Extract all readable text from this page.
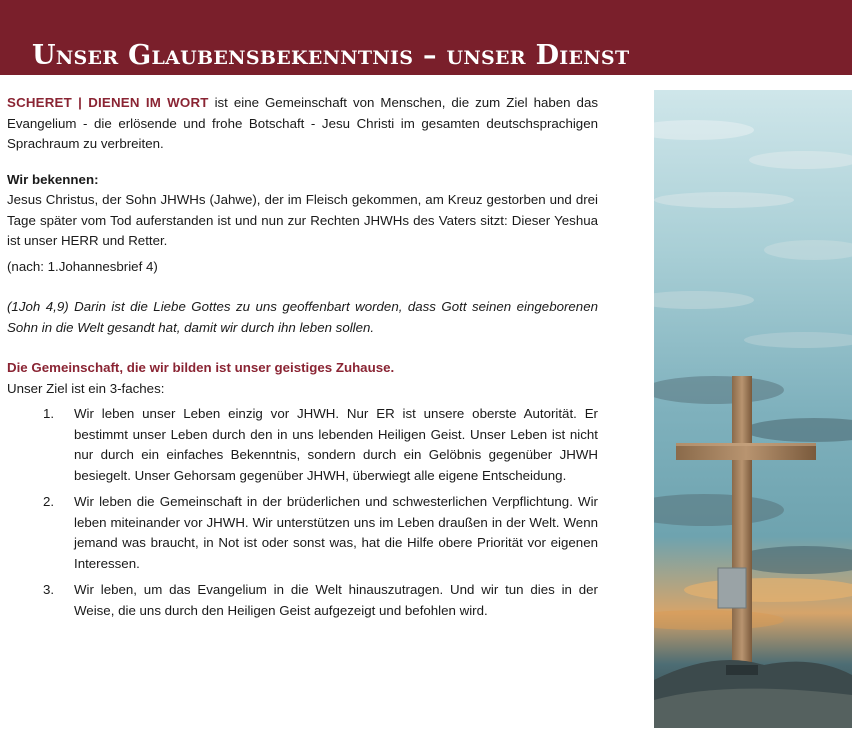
Unser Glaubensbekenntnis – unser Dienst

SCHERET | DIENEN IM WORT ist eine Gemeinschaft von Menschen, die zum Ziel haben das Evangelium - die erlösende und frohe Botschaft - Jesu Christi im gesamten deutschsprachigen Sprachraum zu verbreiten.

Wir bekennen:

Jesus Christus, der Sohn JHWHs (Jahwe), der im Fleisch gekommen, am Kreuz gestorben und drei Tage später vom Tod auferstanden ist und nun zur Rechten JHWHs des Vaters sitzt: Dieser Yeshua ist unser HERR und Retter.

(nach: 1.Johannesbrief 4)

(1Joh 4,9) Darin ist die Liebe Gottes zu uns geoffenbart worden, dass Gott seinen eingeborenen Sohn in die Welt gesandt hat, damit wir durch ihn leben sollen.

Die Gemeinschaft, die wir bilden ist unser geistiges Zuhause.

Unser Ziel ist ein 3-faches:

1. Wir leben unser Leben einzig vor JHWH. Nur ER ist unsere oberste Autorität. Er bestimmt unser Leben durch den in uns lebenden Heiligen Geist. Unser Leben ist nicht nur durch ein einfaches Bekenntnis, sondern durch ein Gelöbnis gegenüber JHWH besiegelt. Unser Gehorsam gegenüber JHWH, überwiegt alle eigene Entscheidung.
2. Wir leben die Gemeinschaft in der brüderlichen und schwesterlichen Verpflichtung. Wir leben miteinander vor JHWH. Wir unterstützen uns im Leben draußen in der Welt. Wenn jemand was braucht, in Not ist oder sonst was, hat die Hilfe obere Priorität vor eigenen Interessen.
3. Wir leben, um das Evangelium in die Welt hinauszutragen. Und wir tun dies in der Weise, die uns durch den Heiligen Geist aufgezeigt und befohlen wird.
